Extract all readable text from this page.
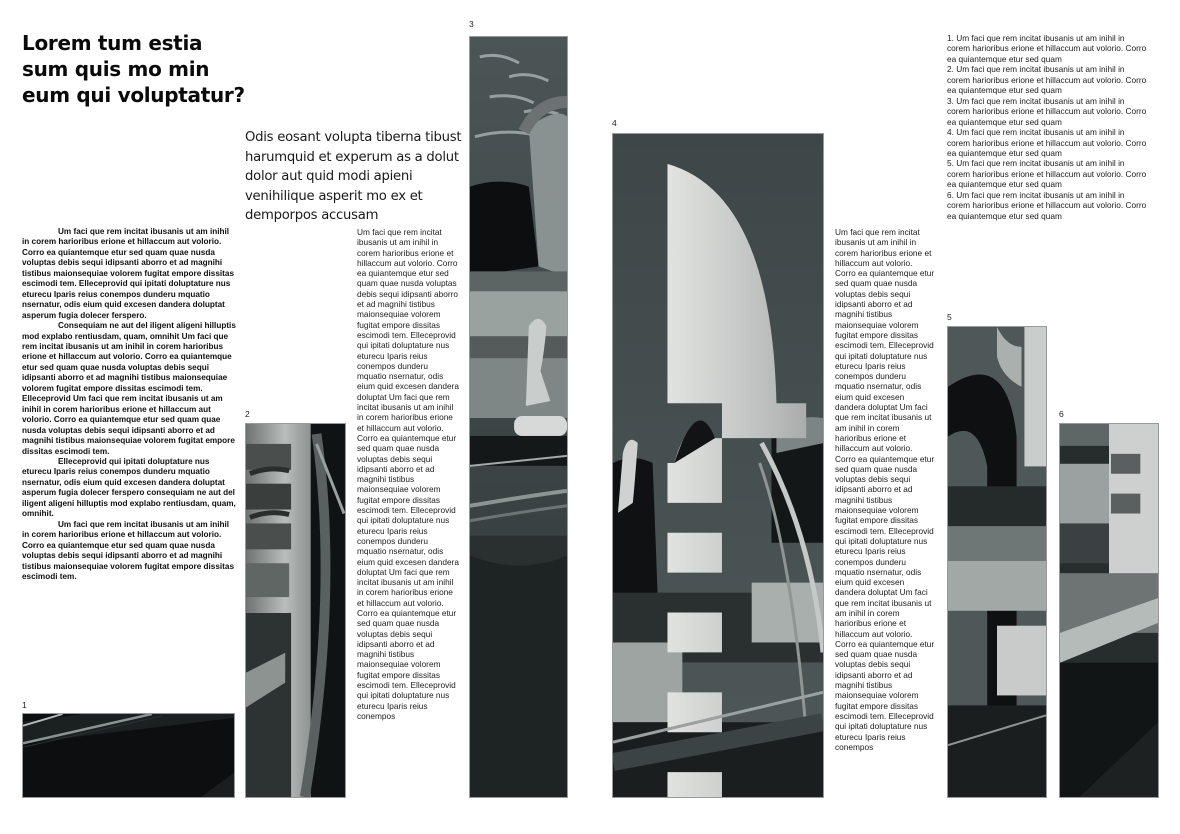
Lorem tum estia sum quis mo min eum qui voluptatur?
Odis eosant volupta tiberna tibust harumquid et experum as a dolut dolor aut quid modi apieni venihilique asperit mo ex et demporpos accusam

Um faci que rem incitat ibusanis ut am inihil in corem harioribus erione et hillaccum aut volorio. Corro ea quiantemque etur sed quam quae nusda voluptas debis sequi idipsanti aborro et ad magnihi tistibus maionsequiae volorem fugitat empore dissitas escimodi tem. Elleceprovid qui ipitati doluptature nus eturecu Iparis reius conempos dunderu mquatio nsernatur, odis eium quid excesen dandera doluptat asperum fugia dolecer ferspero.

Consequiam ne aut del iligent aligeni hilluptis mod explabo rentiusdam, quam, omnihit Um faci que rem incitat ibusanis ut am inihil in corem harioribus erione et hillaccum aut volorio. Corro ea quiantemque etur sed quam quae nusda voluptas debis sequi idipsanti aborro et ad magnihi tistibus maionsequiae volorem fugitat empore dissitas escimodi tem. Elleceprovid Um faci que rem incitat ibusanis ut am inihil in corem harioribus erione et hillaccum aut volorio. Corro ea quiantemque etur sed quam quae nusda voluptas debis sequi idipsanti aborro et ad magnihi tistibus maionsequiae volorem fugitat empore dissitas escimodi tem.

Elleceprovid qui ipitati doluptature nus eturecu Iparis reius conempos dunderu mquatio nsernatur, odis eium quid excesen dandera doluptat asperum fugia dolecer ferspero consequiam ne aut del iligent aligeni hilluptis mod explabo rentiusdam, quam, omnihit.

Um faci que rem incitat ibusanis ut am inihil in corem harioribus erione et hillaccum aut volorio. Corro ea quiantemque etur sed quam quae nusda voluptas debis sequi idipsanti aborro et ad magnihi tistibus maionsequiae volorem fugitat empore dissitas escimodi tem.

Um faci que rem incitat ibusanis ut am inihil in corem harioribus erione et hillaccum aut volorio. Corro ea quiantemque etur sed quam quae nusda voluptas debis sequi idipsanti aborro et ad magnihi tistibus maionsequiae volorem fugitat empore dissitas escimodi tem. Elleceprovid qui ipitati doluptature nus eturecu Iparis reius conempos dunderu mquatio nsernatur, odis eium quid excesen dandera doluptat Um faci que rem incitat ibusanis ut am inihil in corem harioribus erione et hillaccum aut volorio. Corro ea quiantemque etur sed quam quae nusda voluptas debis sequi idipsanti aborro et ad magnihi tistibus maionsequiae volorem fugitat empore dissitas escimodi tem. Elleceprovid qui ipitati doluptature nus eturecu Iparis reius conempos dunderu mquatio nsernatur, odis eium quid excesen dandera doluptat Um faci que rem incitat ibusanis ut am inihil in corem harioribus erione et hillaccum aut volorio. Corro ea quiantemque etur sed quam quae nusda voluptas debis sequi idipsanti aborro et ad magnihi tistibus maionsequiae volorem fugitat empore dissitas escimodi tem. Elleceprovid qui ipitati doluptature nus eturecu Iparis reius conempos
Um faci que rem incitat ibusanis ut am inihil in corem harioribus erione et hillaccum aut volorio. Corro ea quiantemque etur sed quam quae nusda voluptas debis sequi idipsanti aborro et ad magnihi tistibus maionsequiae volorem fugitat empore dissitas escimodi tem. Elleceprovid qui ipitati doluptature nus eturecu Iparis reius conempos dunderu mquatio nsernatur, odis eium quid excesen dandera doluptat Um faci que rem incitat ibusanis ut am inihil in corem harioribus erione et hillaccum aut volorio. Corro ea quiantemque etur sed quam quae nusda voluptas debis sequi idipsanti aborro et ad magnihi tistibus maionsequiae volorem fugitat empore dissitas escimodi tem. Elleceprovid qui ipitati doluptature nus eturecu Iparis reius conempos dunderu mquatio nsernatur, odis eium quid excesen dandera doluptat Um faci que rem incitat ibusanis ut am inihil in corem harioribus erione et hillaccum aut volorio. Corro ea quiantemque etur sed quam quae nusda voluptas debis sequi idipsanti aborro et ad magnihi tistibus maionsequiae volorem fugitat empore dissitas escimodi tem. Elleceprovid qui ipitati doluptature nus eturecu Iparis reius conempos
1. Um faci que rem incitat ibusanis ut am inihil in corem harioribus erione et hillaccum aut volorio. Corro ea quiantemque etur sed quam
2. Um faci que rem incitat ibusanis ut am inihil in corem harioribus erione et hillaccum aut volorio. Corro ea quiantemque etur sed quam
3. Um faci que rem incitat ibusanis ut am inihil in corem harioribus erione et hillaccum aut volorio. Corro ea quiantemque etur sed quam
4. Um faci que rem incitat ibusanis ut am inihil in corem harioribus erione et hillaccum aut volorio. Corro ea quiantemque etur sed quam
5. Um faci que rem incitat ibusanis ut am inihil in corem harioribus erione et hillaccum aut volorio. Corro ea quiantemque etur sed quam
6. Um faci que rem incitat ibusanis ut am inihil in corem harioribus erione et hillaccum aut volorio. Corro ea quiantemque etur sed quam
1
2
3
4
5
6
